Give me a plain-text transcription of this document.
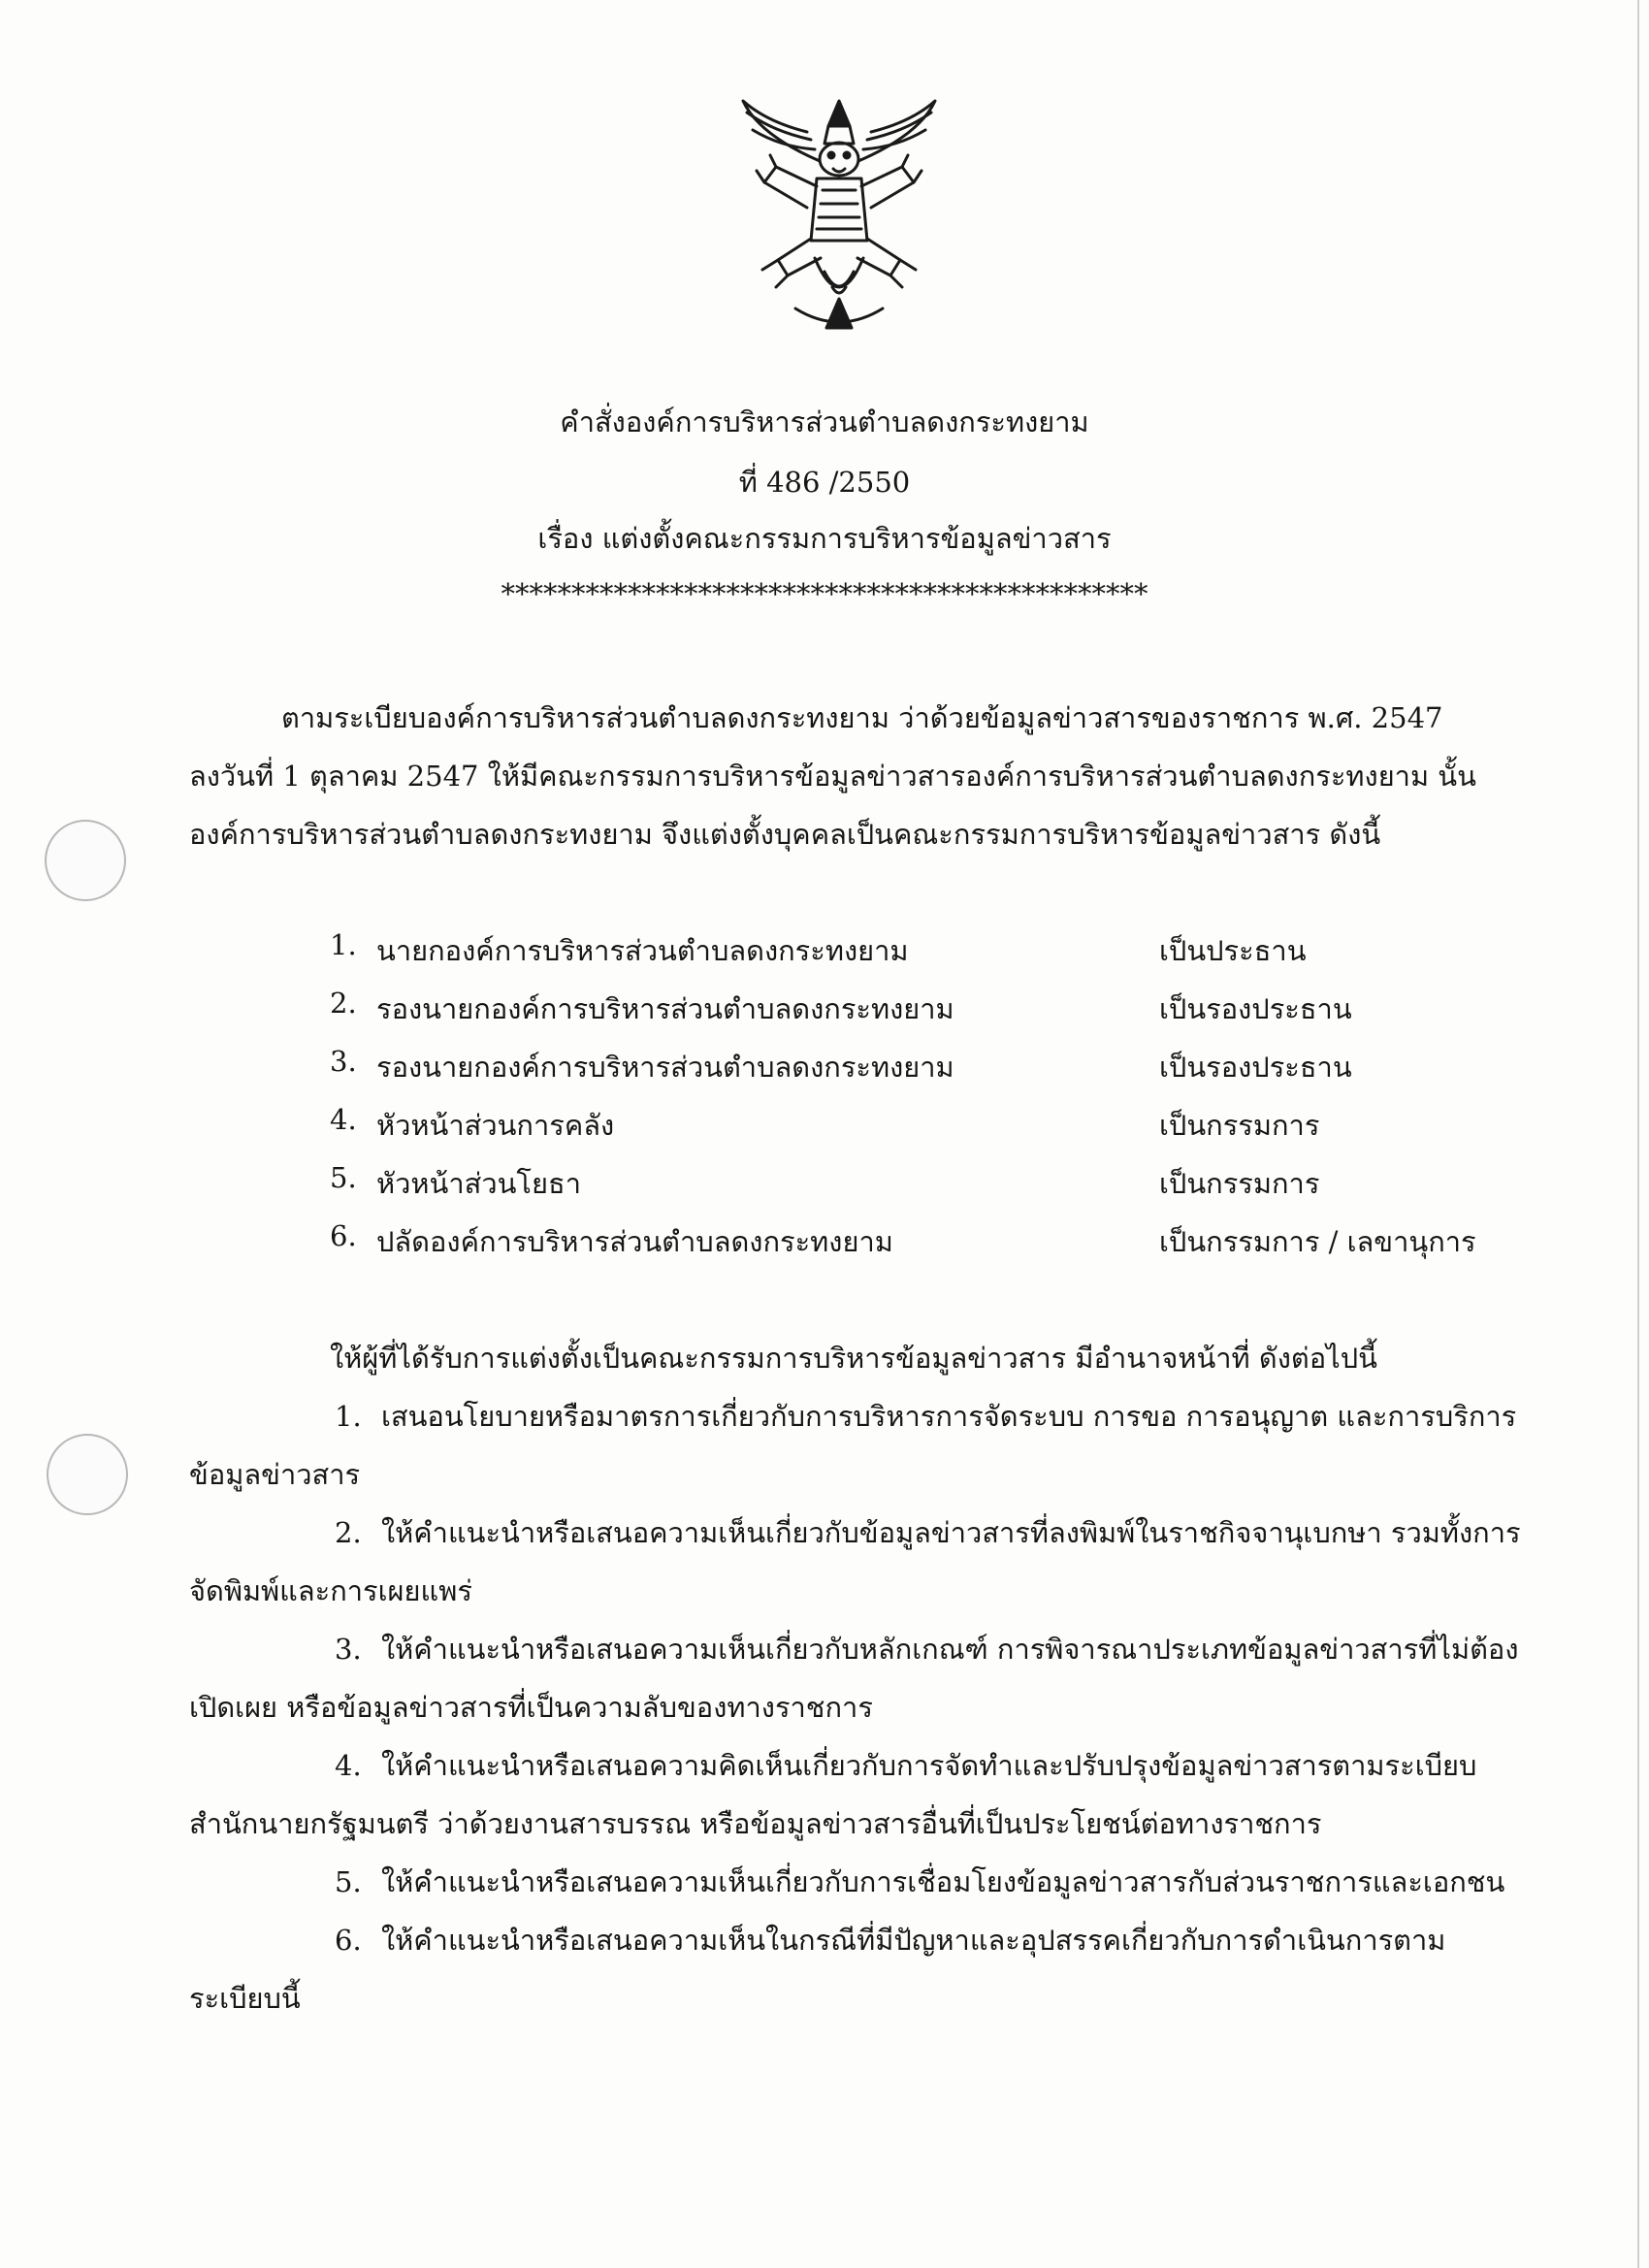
คำสั่งองค์การบริหารส่วนตำบลดงกระทงยาม
ที่ 486 /2550
เรื่อง แต่งตั้งคณะกรรมการบริหารข้อมูลข่าวสาร
**********************************************
ตามระเบียบองค์การบริหารส่วนตำบลดงกระทงยาม ว่าด้วยข้อมูลข่าวสารของราชการ พ.ศ. 2547
ลงวันที่ 1 ตุลาคม 2547 ให้มีคณะกรรมการบริหารข้อมูลข่าวสารองค์การบริหารส่วนตำบลดงกระทงยาม นั้น
องค์การบริหารส่วนตำบลดงกระทงยาม จึงแต่งตั้งบุคคลเป็นคณะกรรมการบริหารข้อมูลข่าวสาร ดังนี้
1. นายกองค์การบริหารส่วนตำบลดงกระทงยาม	เป็นประธาน
2. รองนายกองค์การบริหารส่วนตำบลดงกระทงยาม	เป็นรองประธาน
3. รองนายกองค์การบริหารส่วนตำบลดงกระทงยาม	เป็นรองประธาน
4. หัวหน้าส่วนการคลัง	เป็นกรรมการ
5. หัวหน้าส่วนโยธา	เป็นกรรมการ
6. ปลัดองค์การบริหารส่วนตำบลดงกระทงยาม	เป็นกรรมการ / เลขานุการ
ให้ผู้ที่ได้รับการแต่งตั้งเป็นคณะกรรมการบริหารข้อมูลข่าวสาร มีอำนาจหน้าที่ ดังต่อไปนี้
1. เสนอนโยบายหรือมาตรการเกี่ยวกับการบริหารการจัดระบบ การขอ การอนุญาต และการบริการ
ข้อมูลข่าวสาร
2. ให้คำแนะนำหรือเสนอความเห็นเกี่ยวกับข้อมูลข่าวสารที่ลงพิมพ์ในราชกิจจานุเบกษา รวมทั้งการ
จัดพิมพ์และการเผยแพร่
3. ให้คำแนะนำหรือเสนอความเห็นเกี่ยวกับหลักเกณฑ์ การพิจารณาประเภทข้อมูลข่าวสารที่ไม่ต้อง
เปิดเผย หรือข้อมูลข่าวสารที่เป็นความลับของทางราชการ
4. ให้คำแนะนำหรือเสนอความคิดเห็นเกี่ยวกับการจัดทำและปรับปรุงข้อมูลข่าวสารตามระเบียบ
สำนักนายกรัฐมนตรี ว่าด้วยงานสารบรรณ หรือข้อมูลข่าวสารอื่นที่เป็นประโยชน์ต่อทางราชการ
5. ให้คำแนะนำหรือเสนอความเห็นเกี่ยวกับการเชื่อมโยงข้อมูลข่าวสารกับส่วนราชการและเอกชน
6. ให้คำแนะนำหรือเสนอความเห็นในกรณีที่มีปัญหาและอุปสรรคเกี่ยวกับการดำเนินการตาม
ระเบียบนี้
